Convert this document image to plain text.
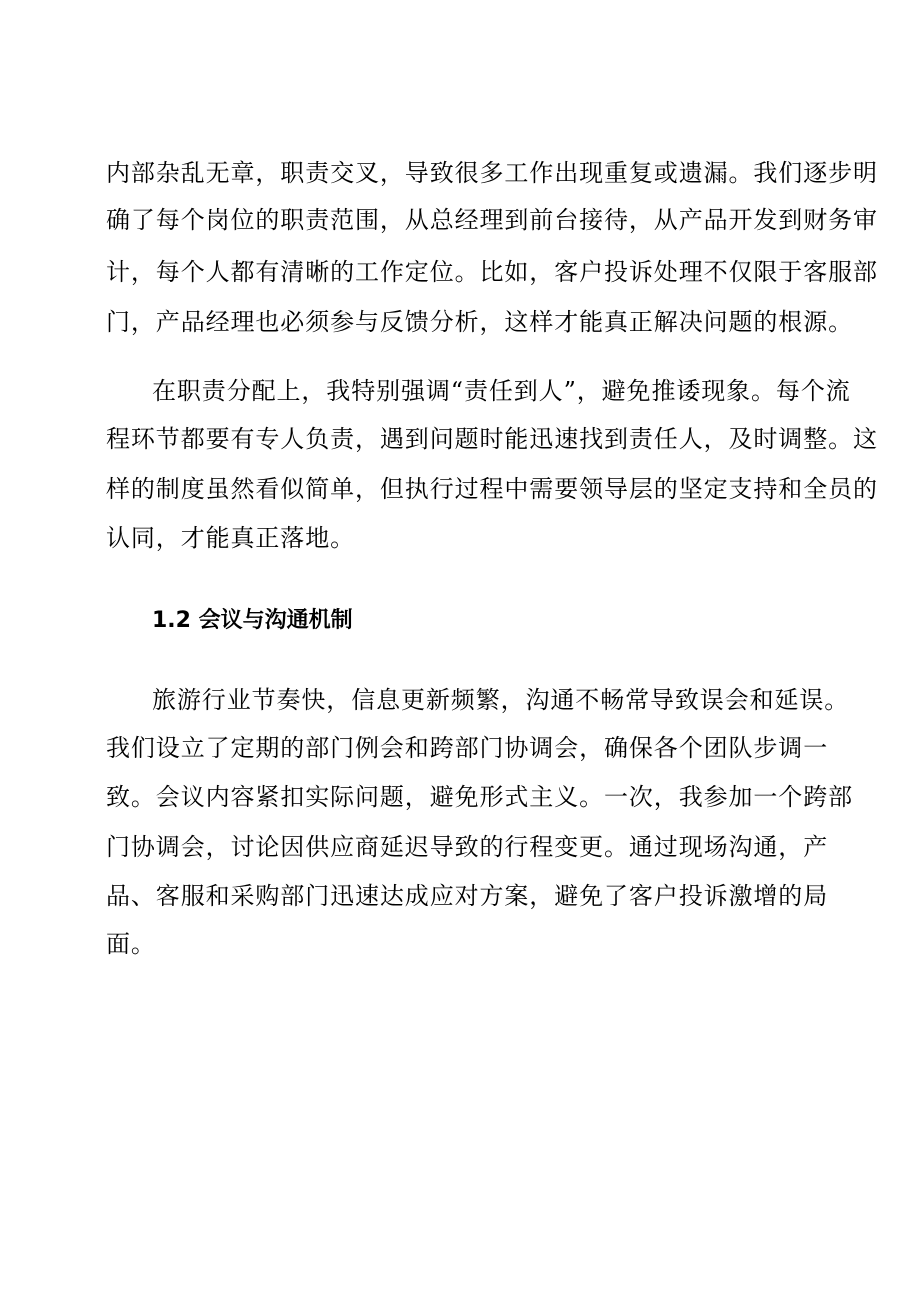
内部杂乱无章，职责交叉，导致很多工作出现重复或遗漏。我们逐步明
确了每个岗位的职责范围，从总经理到前台接待，从产品开发到财务审
计，每个人都有清晰的工作定位。比如，客户投诉处理不仅限于客服部
门，产品经理也必须参与反馈分析，这样才能真正解决问题的根源。
在职责分配上，我特别强调“责任到人”，避免推诿现象。每个流
程环节都要有专人负责，遇到问题时能迅速找到责任人，及时调整。这
样的制度虽然看似简单，但执行过程中需要领导层的坚定支持和全员的
认同，才能真正落地。
1.2 会议与沟通机制
旅游行业节奏快，信息更新频繁，沟通不畅常导致误会和延误。
我们设立了定期的部门例会和跨部门协调会，确保各个团队步调一
致。会议内容紧扣实际问题，避免形式主义。一次，我参加一个跨部
门协调会，讨论因供应商延迟导致的行程变更。通过现场沟通，产
品、客服和采购部门迅速达成应对方案，避免了客户投诉激增的局
面。
